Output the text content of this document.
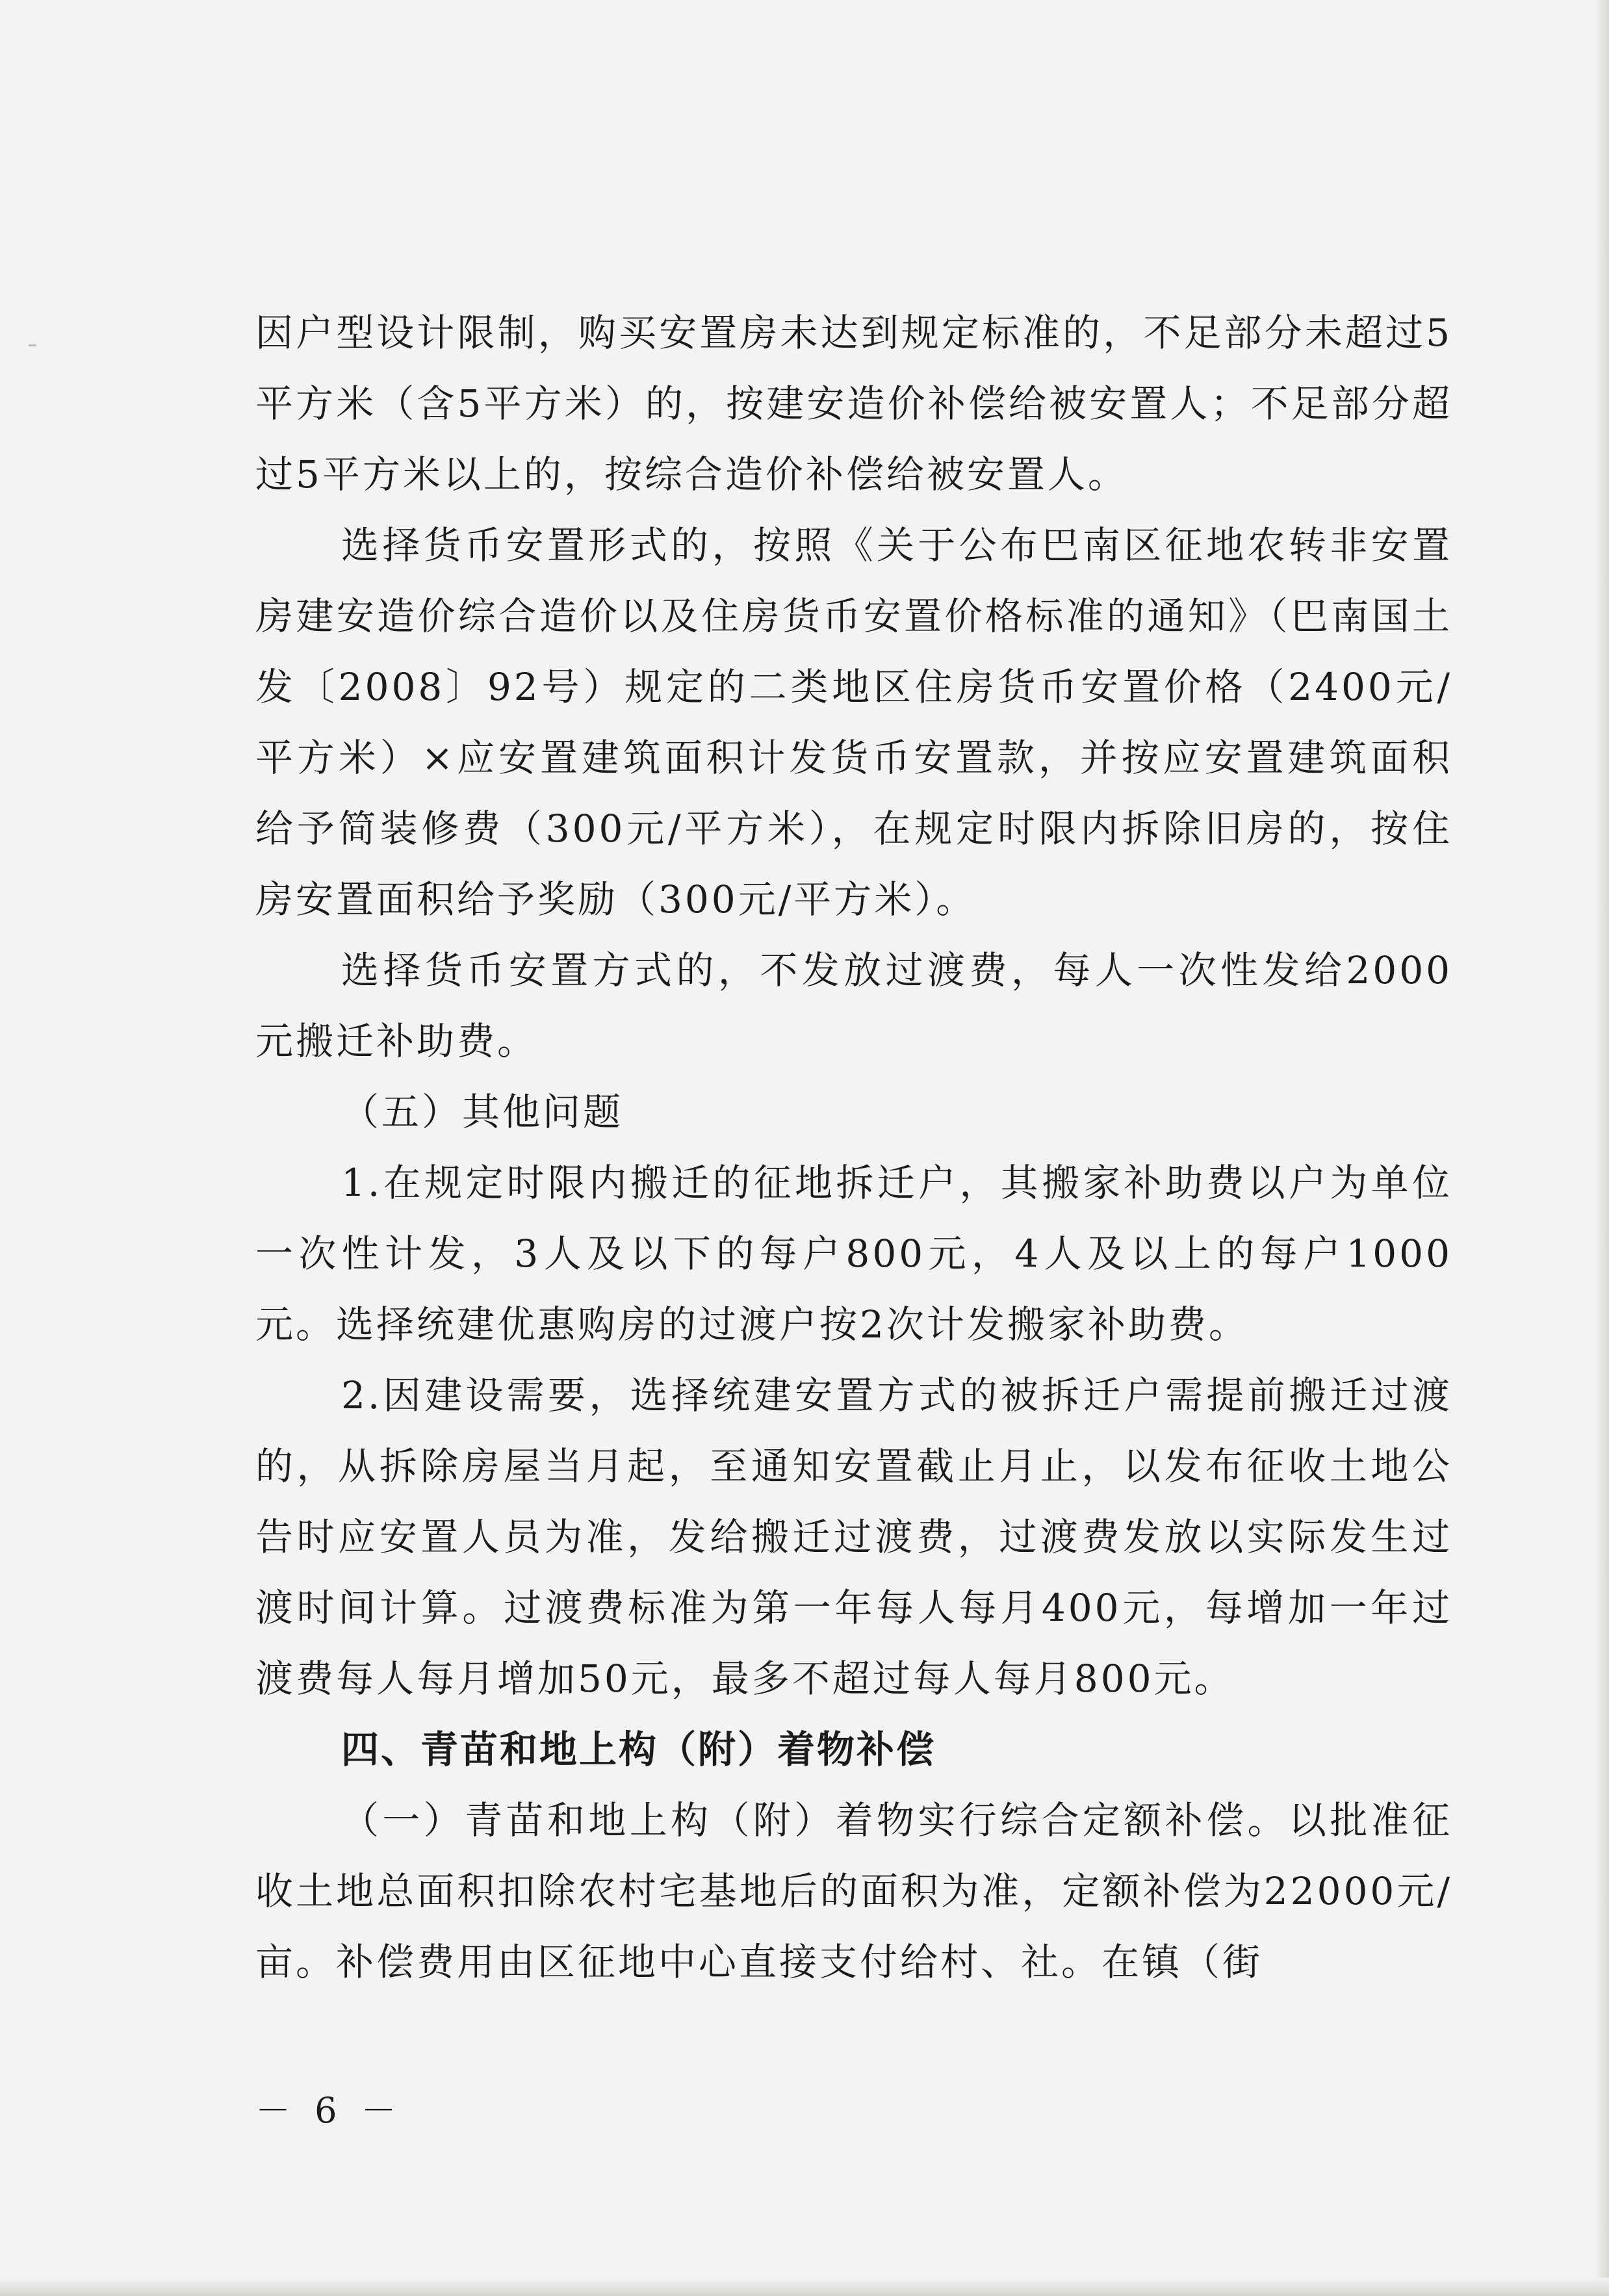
因户型设计限制，购买安置房未达到规定标准的，不足部分未超过5平方米（含5平方米）的，按建安造价补偿给被安置人；不足部分超过5平方米以上的，按综合造价补偿给被安置人。

选择货币安置形式的，按照《关于公布巴南区征地农转非安置房建安造价综合造价以及住房货币安置价格标准的通知》（巴南国土发〔2008〕92号）规定的二类地区住房货币安置价格（2400元/平方米）×应安置建筑面积计发货币安置款，并按应安置建筑面积给予简装修费（300元/平方米），在规定时限内拆除旧房的，按住房安置面积给予奖励（300元/平方米）。

选择货币安置方式的，不发放过渡费，每人一次性发给2000元搬迁补助费。

（五）其他问题

1.在规定时限内搬迁的征地拆迁户，其搬家补助费以户为单位一次性计发，3人及以下的每户800元，4人及以上的每户1000元。选择统建优惠购房的过渡户按2次计发搬家补助费。

2.因建设需要，选择统建安置方式的被拆迁户需提前搬迁过渡的，从拆除房屋当月起，至通知安置截止月止，以发布征收土地公告时应安置人员为准，发给搬迁过渡费，过渡费发放以实际发生过渡时间计算。过渡费标准为第一年每人每月400元，每增加一年过渡费每人每月增加50元，最多不超过每人每月800元。

四、青苗和地上构（附）着物补偿

（一）青苗和地上构（附）着物实行综合定额补偿。以批准征收土地总面积扣除农村宅基地后的面积为准，定额补偿为22000元/亩。补偿费用由区征地中心直接支付给村、社。在镇（街

－ 6 －
